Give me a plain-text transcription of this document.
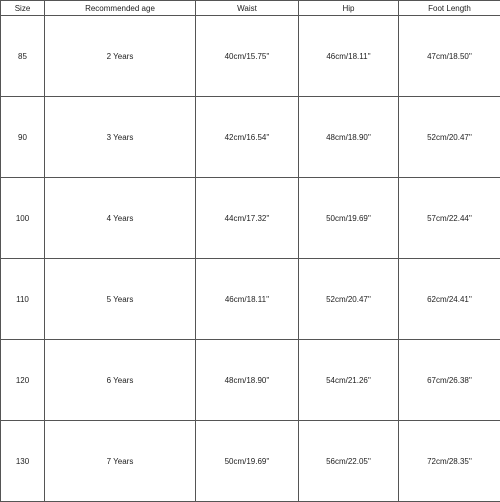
Size	Recommended age	Waist	Hip	Foot Length
85	2 Years	40cm/15.75''	46cm/18.11''	47cm/18.50''
90	3 Years	42cm/16.54''	48cm/18.90''	52cm/20.47''
100	4 Years	44cm/17.32''	50cm/19.69''	57cm/22.44''
110	5 Years	46cm/18.11''	52cm/20.47''	62cm/24.41''
120	6 Years	48cm/18.90''	54cm/21.26''	67cm/26.38''
130	7 Years	50cm/19.69''	56cm/22.05''	72cm/28.35''
